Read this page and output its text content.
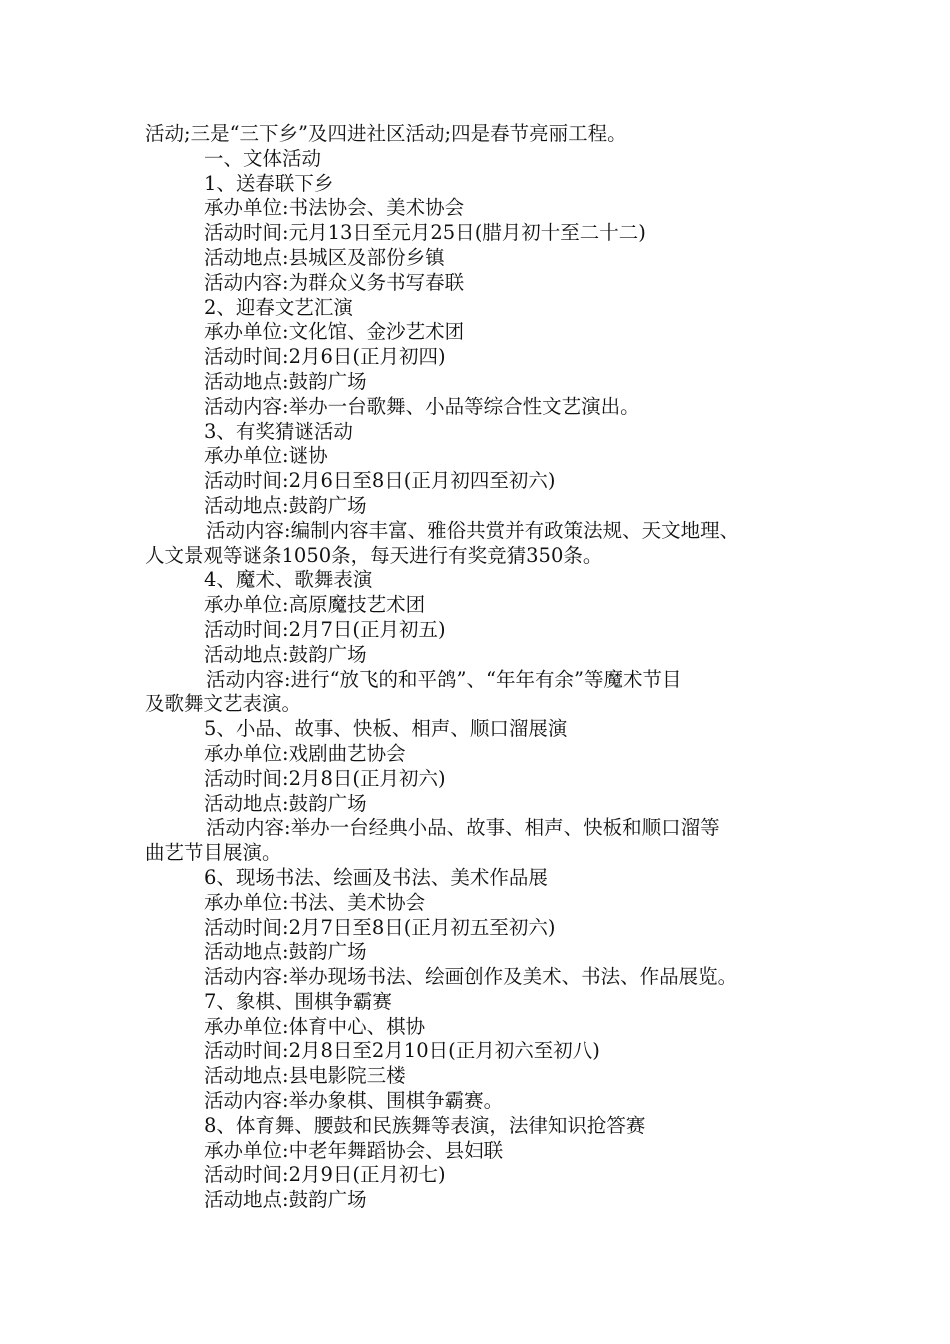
活动;三是“三下乡”及四进社区活动;四是春节亮丽工程。
一、文体活动
1、送春联下乡
承办单位:书法协会、美术协会
活动时间:元月13日至元月25日(腊月初十至二十二)
活动地点:县城区及部份乡镇
活动内容:为群众义务书写春联
2、迎春文艺汇演
承办单位:文化馆、金沙艺术团
活动时间:2月6日(正月初四)
活动地点:鼓韵广场
活动内容:举办一台歌舞、小品等综合性文艺演出。
3、有奖猜谜活动
承办单位:谜协
活动时间:2月6日至8日(正月初四至初六)
活动地点:鼓韵广场
活动内容:编制内容丰富、雅俗共赏并有政策法规、天文地理、
人文景观等谜条1050条，每天进行有奖竞猜350条。
4、魔术、歌舞表演
承办单位:高原魔技艺术团
活动时间:2月7日(正月初五)
活动地点:鼓韵广场
活动内容:进行“放飞的和平鸽”、“年年有余”等魔术节目
及歌舞文艺表演。
5、小品、故事、快板、相声、顺口溜展演
承办单位:戏剧曲艺协会
活动时间:2月8日(正月初六)
活动地点:鼓韵广场
活动内容:举办一台经典小品、故事、相声、快板和顺口溜等
曲艺节目展演。
6、现场书法、绘画及书法、美术作品展
承办单位:书法、美术协会
活动时间:2月7日至8日(正月初五至初六)
活动地点:鼓韵广场
活动内容:举办现场书法、绘画创作及美术、书法、作品展览。
7、象棋、围棋争霸赛
承办单位:体育中心、棋协
活动时间:2月8日至2月10日(正月初六至初八)
活动地点:县电影院三楼
活动内容:举办象棋、围棋争霸赛。
8、体育舞、腰鼓和民族舞等表演，法律知识抢答赛
承办单位:中老年舞蹈协会、县妇联
活动时间:2月9日(正月初七)
活动地点:鼓韵广场
